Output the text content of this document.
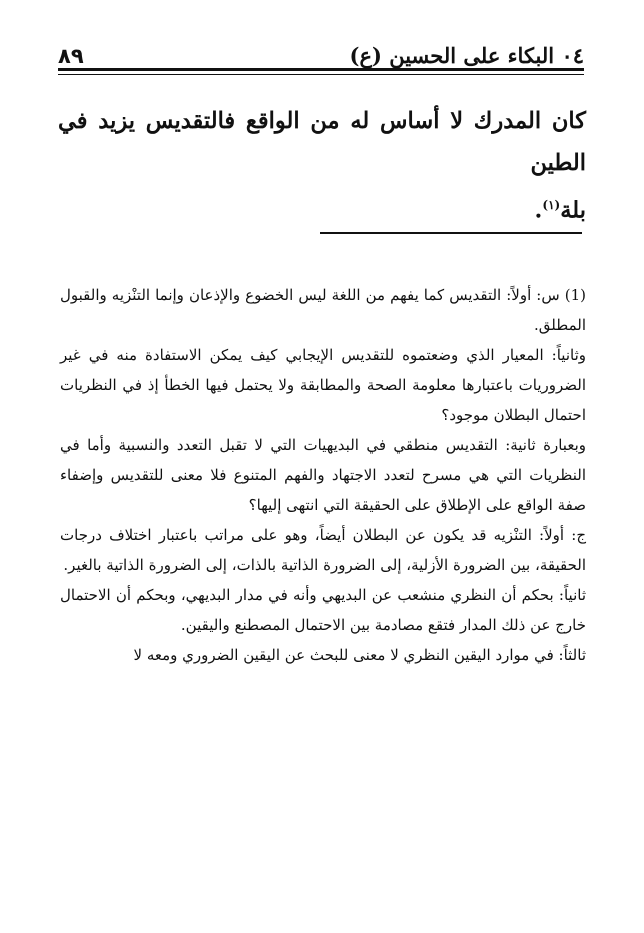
٨٩	٠٤ البكاء على الحسين (ع)

كان المدرك لا أساس له من الواقع فالتقديس يزيد في الطين

بلة$^{(١)}$.

(1) س: أولاً: التقديس كما يفهم من اللغة ليس الخضوع والإذعان وإنما التنْزيه والقبول المطلق.

وثانياً: المعيار الذي وضعتموه للتقديس الإيجابي كيف يمكن الاستفادة منه في غير الضروريات باعتبارها معلومة الصحة والمطابقة ولا يحتمل فيها الخطأ إذ في النظريات احتمال البطلان موجود؟

وبعبارة ثانية: التقديس منطقي في البديهيات التي لا تقبل التعدد والنسبية وأما في النظريات التي هي مسرح لتعدد الاجتهاد والفهم المتنوع فلا معنى للتقديس وإضفاء صفة الواقع على الإطلاق على الحقيقة التي انتهى إليها؟

ج: أولاً: التنْزيه قد يكون عن البطلان أيضاً، وهو على مراتب باعتبار اختلاف درجات الحقيقة، بين الضرورة الأزلية، إلى الضرورة الذاتية بالذات، إلى الضرورة الذاتية بالغير.

ثانياً: بحكم أن النظري منشعب عن البديهي وأنه في مدار البديهي، وبحكم أن الاحتمال خارج عن ذلك المدار فتقع مصادمة بين الاحتمال المصطنع واليقين.

ثالثاً: في موارد اليقين النظري لا معنى للبحث عن اليقين الضروري ومعه لا
